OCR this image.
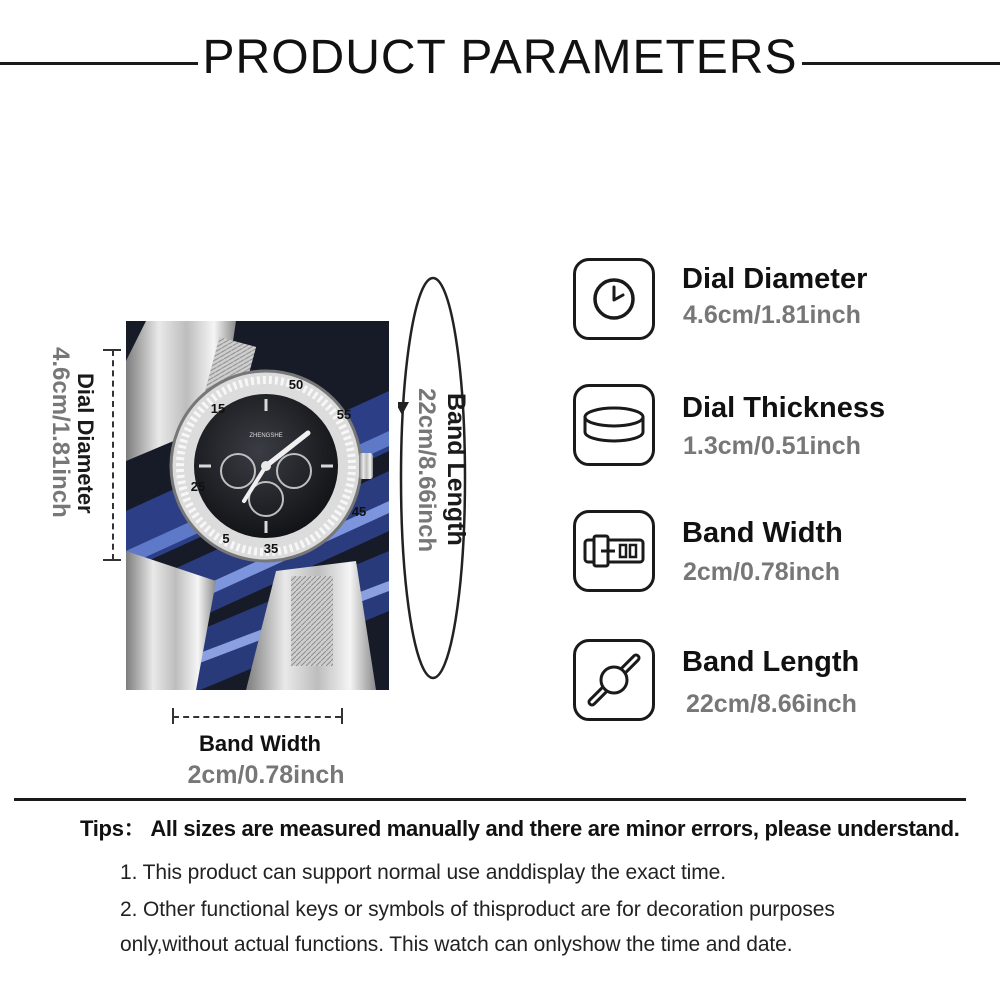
PRODUCT PARAMETERS
50
55
15
45
25
35
5
ZHENGSHE
Dial Diameter
4.6cm/1.81inch	Band Length
22cm/8.66inch
Band Width
2cm/0.78inch
Dial Diameter
4.6cm/1.81inch
Dial Thickness
1.3cm/0.51inch
Band Width
2cm/0.78inch
Band Length
22cm/8.66inch
Tips： All sizes are measured manually and there are minor errors, please understand.
1. This product can support normal use anddisplay the exact time.
2. Other functional keys or symbols of thisproduct are for decoration purposes
only,without actual functions. This watch can onlyshow the time and date.
